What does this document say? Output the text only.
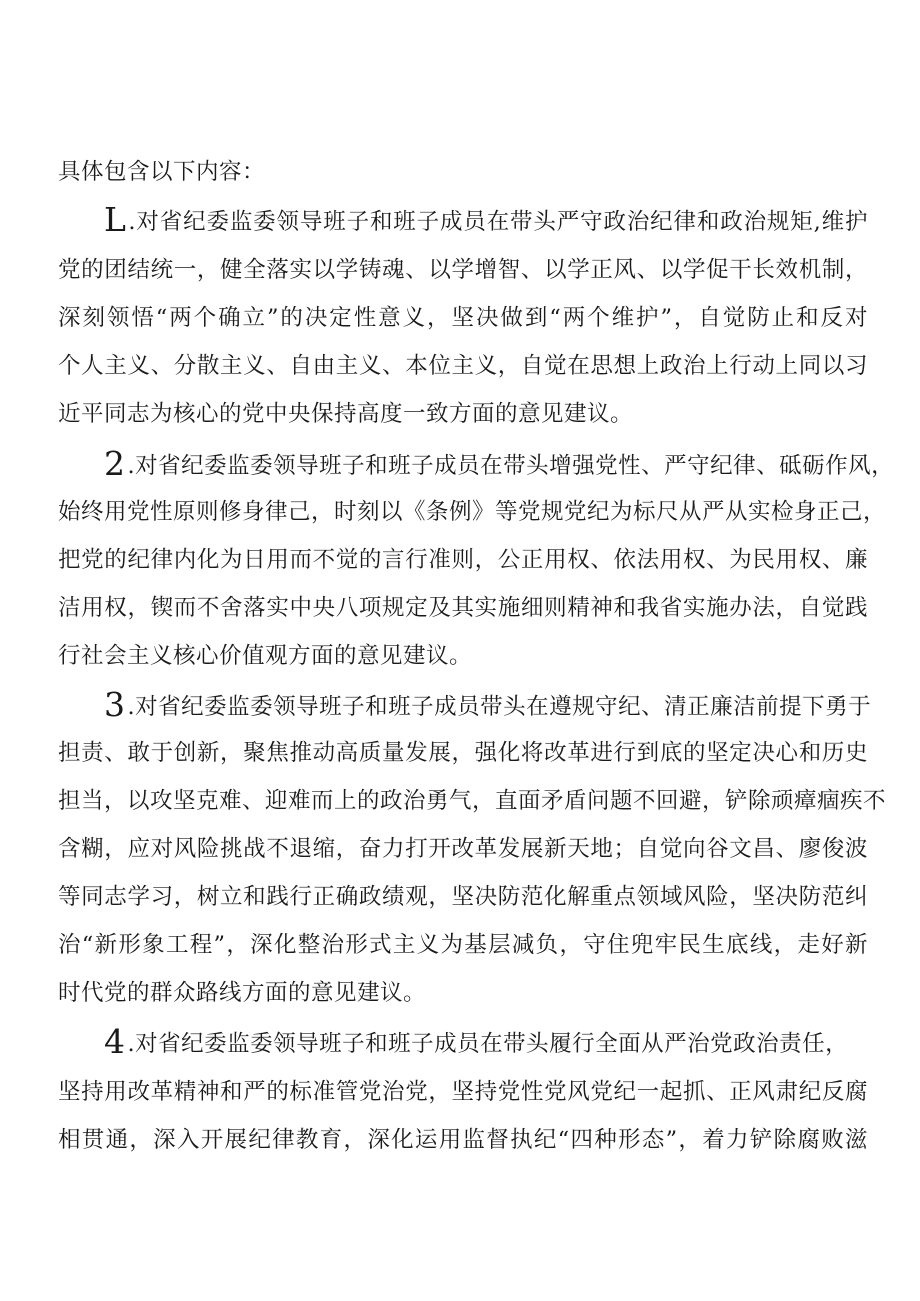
具体包含以下内容：
L.对省纪委监委领导班子和班子成员在带头严守政治纪律和政治规矩,维护
党的团结统一，健全落实以学铸魂、以学增智、以学正风、以学促干长效机制，
深刻领悟“两个确立”的决定性意义，坚决做到“两个维护”，自觉防止和反对
个人主义、分散主义、自由主义、本位主义，自觉在思想上政治上行动上同以习
近平同志为核心的党中央保持高度一致方面的意见建议。
2.对省纪委监委领导班子和班子成员在带头增强党性、严守纪律、砥砺作风，
始终用党性原则修身律己，时刻以《条例》等党规党纪为标尺从严从实检身正己，
把党的纪律内化为日用而不觉的言行准则，公正用权、依法用权、为民用权、廉
洁用权，锲而不舍落实中央八项规定及其实施细则精神和我省实施办法，自觉践
行社会主义核心价值观方面的意见建议。
3.对省纪委监委领导班子和班子成员带头在遵规守纪、清正廉洁前提下勇于
担责、敢于创新，聚焦推动高质量发展，强化将改革进行到底的坚定决心和历史
担当，以攻坚克难、迎难而上的政治勇气，直面矛盾问题不回避，铲除顽瘴痼疾不
含糊，应对风险挑战不退缩，奋力打开改革发展新天地；自觉向谷文昌、廖俊波
等同志学习，树立和践行正确政绩观，坚决防范化解重点领域风险，坚决防范纠
治“新形象工程”，深化整治形式主义为基层减负，守住兜牢民生底线，走好新
时代党的群众路线方面的意见建议。
4.对省纪委监委领导班子和班子成员在带头履行全面从严治党政治责任，
坚持用改革精神和严的标准管党治党，坚持党性党风党纪一起抓、正风肃纪反腐
相贯通，深入开展纪律教育，深化运用监督执纪“四种形态”，着力铲除腐败滋
